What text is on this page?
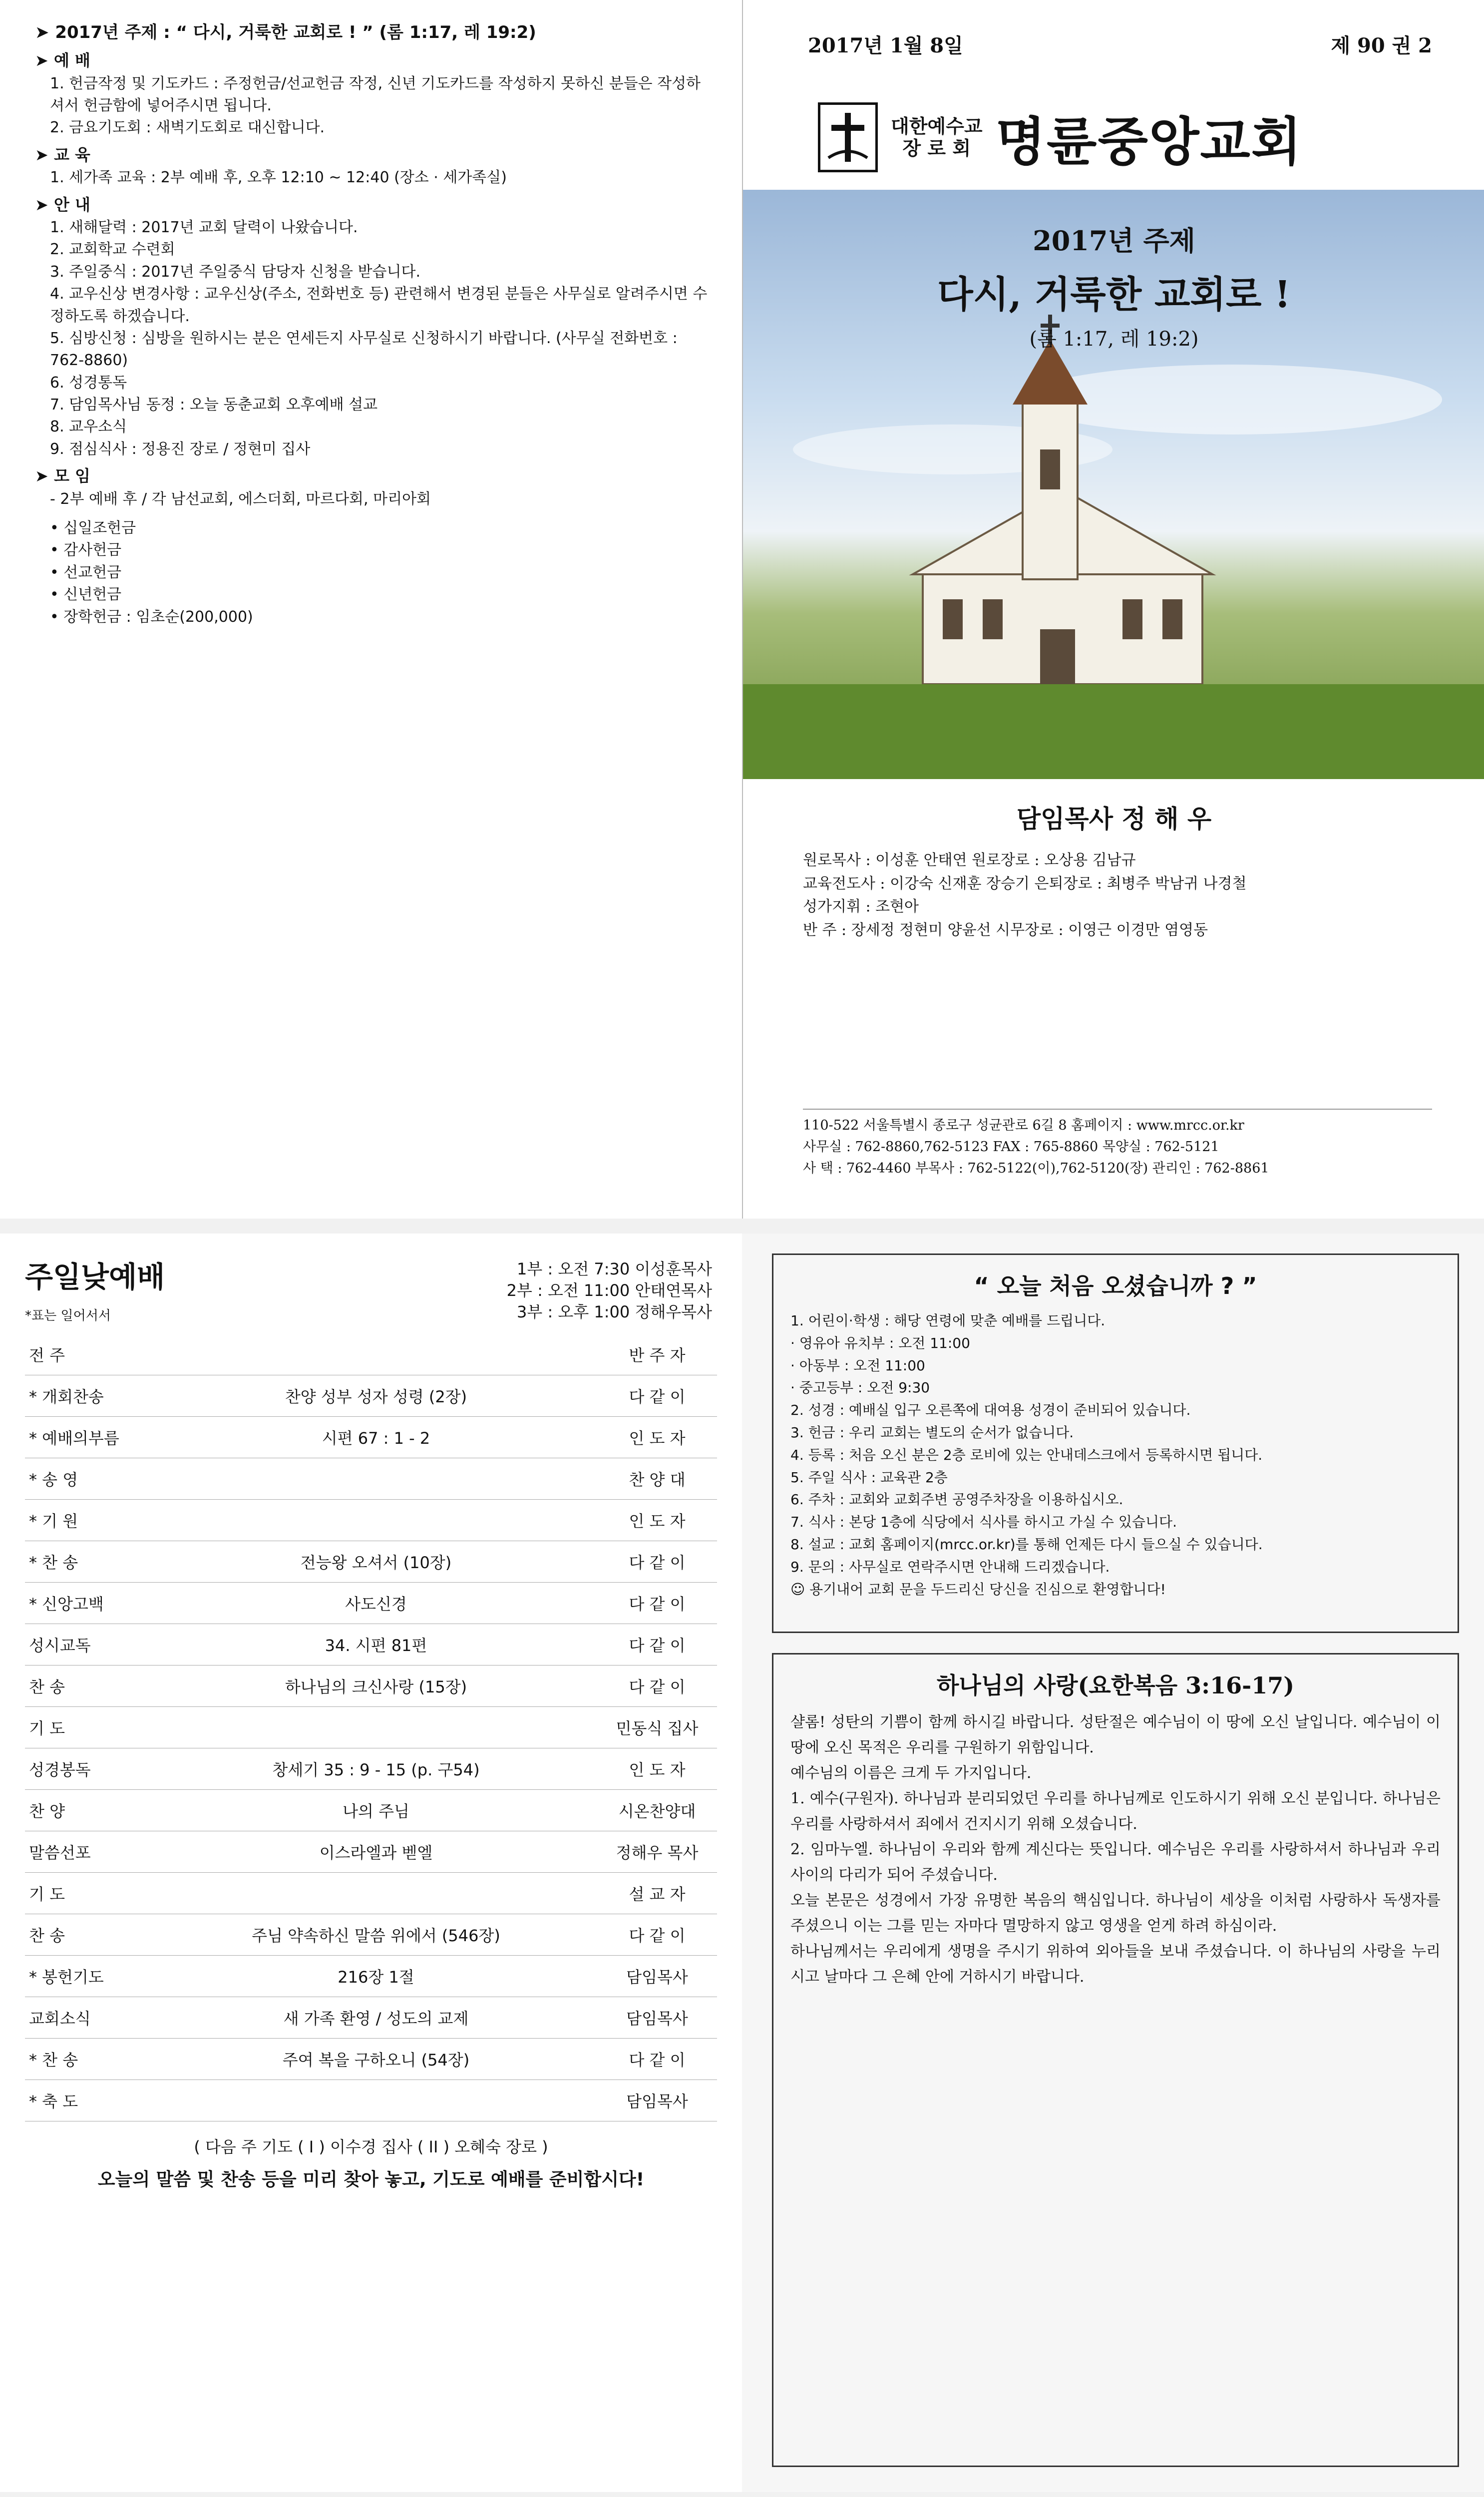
➤ 2017년 주제 : “ 다시, 거룩한 교회로 ! ” (롬 1:17, 레 19:2)
➤ 예 배
1. 헌금작정 및 기도카드 : 주정헌금/선교헌금 작정, 신년 기도카드를 작성하지 못하신 분들은 작성하셔서 헌금함에 넣어주시면 됩니다.
2. 금요기도회 : 새벽기도회로 대신합니다.
➤ 교 육
1. 세가족 교육 : 2부 예배 후, 오후 12:10 ~ 12:40 (장소 · 세가족실)
➤ 안 내
1. 새해달력 : 2017년 교회 달력이 나왔습니다.
2. 교회학교 수련회
3. 주일중식 : 2017년 주일중식 담당자 신청을 받습니다.
4. 교우신상 변경사항 : 교우신상(주소, 전화번호 등) 관련해서 변경된 분들은 사무실로 알려주시면 수정하도록 하겠습니다.
5. 심방신청 : 심방을 원하시는 분은 연세든지 사무실로 신청하시기 바랍니다. (사무실 전화번호 : 762-8860)
6. 성경통독
7. 담임목사님 동정 : 오늘 동춘교회 오후예배 설교
8. 교우소식
9. 점심식사 : 정용진 장로 / 정현미 집사
➤ 모 임
- 2부 예배 후 / 각 남선교회, 에스더회, 마르다회, 마리아회
• 십일조헌금
• 감사헌금
• 선교헌금
• 신년헌금
• 장학헌금 : 임초순(200,000)
2017년 1월 8일	제 90 권 2
대한예수교
장 로 회 명륜중앙교회
2017년 주제
다시, 거룩한 교회로 !
(롬 1:17, 레 19:2)
담임목사 정 해 우
원로목사 : 이성훈 안태연 원로장로 : 오상용 김남규
교육전도사 : 이강숙 신재훈 장승기 은퇴장로 : 최병주 박남귀 나경철
성가지휘 : 조현아
반 주 : 장세정 정현미 양윤선 시무장로 : 이영근 이경만 염영동
110-522 서울특별시 종로구 성균관로 6길 8 홈페이지 : www.mrcc.or.kr
사무실 : 762-8860,762-5123 FAX : 765-8860 목양실 : 762-5121
사 택 : 762-4460 부목사 : 762-5122(이),762-5120(장) 관리인 : 762-8861
주일낮예배	1부 : 오전 7:30 이성훈목사
2부 : 오전 11:00 안태연목사
3부 : 오후 1:00 정해우목사
*표는 일어서서
전 주		반 주 자
* 개회찬송	찬양 성부 성자 성령 (2장)	다 같 이
* 예배의부름	시편 67 : 1 - 2	인 도 자
* 송 영		찬 양 대
* 기 원		인 도 자
* 찬 송	전능왕 오셔서 (10장)	다 같 이
* 신앙고백	사도신경	다 같 이
성시교독	34. 시편 81편	다 같 이
찬 송	하나님의 크신사랑 (15장)	다 같 이
기 도		민동식 집사
성경봉독	창세기 35 : 9 - 15 (p. 구54)	인 도 자
찬 양	나의 주님	시온찬양대
말씀선포	이스라엘과 벧엘	정해우 목사
기 도		설 교 자
찬 송	주님 약속하신 말씀 위에서 (546장)	다 같 이
* 봉헌기도	216장 1절	담임목사
교회소식	새 가족 환영 / 성도의 교제	담임목사
* 찬 송	주여 복을 구하오니 (54장)	다 같 이
* 축 도		담임목사
( 다음 주 기도 ( I ) 이수경 집사 ( II ) 오혜숙 장로 )
오늘의 말씀 및 찬송 등을 미리 찾아 놓고, 기도로 예배를 준비합시다!
“ 오늘 처음 오셨습니까 ? ”
1. 어린이·학생 : 해당 연령에 맞춘 예배를 드립니다.
· 영유아 유치부 : 오전 11:00
· 아동부 : 오전 11:00
· 중고등부 : 오전 9:30
2. 성경 : 예배실 입구 오른쪽에 대여용 성경이 준비되어 있습니다.
3. 헌금 : 우리 교회는 별도의 순서가 없습니다.
4. 등록 : 처음 오신 분은 2층 로비에 있는 안내데스크에서 등록하시면 됩니다.
5. 주일 식사 : 교육관 2층
6. 주차 : 교회와 교회주변 공영주차장을 이용하십시오.
7. 식사 : 본당 1층에 식당에서 식사를 하시고 가실 수 있습니다.
8. 설교 : 교회 홈페이지(mrcc.or.kr)를 통해 언제든 다시 들으실 수 있습니다.
9. 문의 : 사무실로 연락주시면 안내해 드리겠습니다.
☺ 용기내어 교회 문을 두드리신 당신을 진심으로 환영합니다!
하나님의 사랑(요한복음 3:16-17)

샬롬! 성탄의 기쁨이 함께 하시길 바랍니다. 성탄절은 예수님이 이 땅에 오신 날입니다. 예수님이 이 땅에 오신 목적은 우리를 구원하기 위함입니다.

예수님의 이름은 크게 두 가지입니다.

1. 예수(구원자). 하나님과 분리되었던 우리를 하나님께로 인도하시기 위해 오신 분입니다. 하나님은 우리를 사랑하셔서 죄에서 건지시기 위해 오셨습니다.

2. 임마누엘. 하나님이 우리와 함께 계신다는 뜻입니다. 예수님은 우리를 사랑하셔서 하나님과 우리 사이의 다리가 되어 주셨습니다.

오늘 본문은 성경에서 가장 유명한 복음의 핵심입니다. 하나님이 세상을 이처럼 사랑하사 독생자를 주셨으니 이는 그를 믿는 자마다 멸망하지 않고 영생을 얻게 하려 하심이라.

하나님께서는 우리에게 생명을 주시기 위하여 외아들을 보내 주셨습니다. 이 하나님의 사랑을 누리시고 날마다 그 은혜 안에 거하시기 바랍니다.
